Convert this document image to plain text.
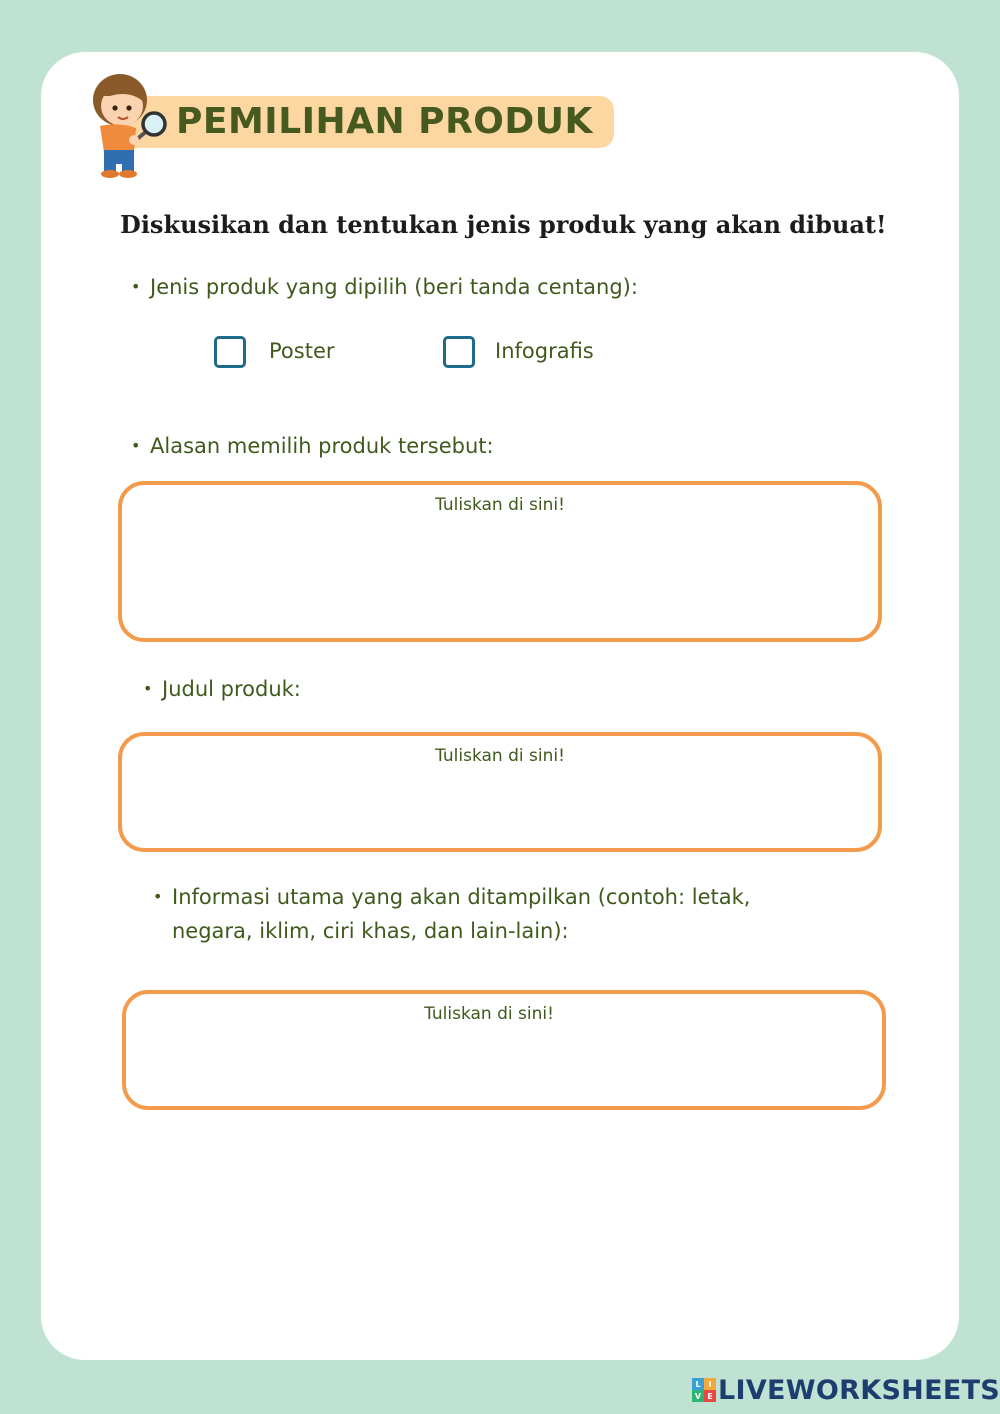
PEMILIHAN PRODUK
Diskusikan dan tentukan jenis produk yang akan dibuat!
• Jenis produk yang dipilih (beri tanda centang):
Poster	Infografis
• Alasan memilih produk tersebut:
Tuliskan di sini!
• Judul produk:
Tuliskan di sini!
• Informasi utama yang akan ditampilkan (contoh: letak,
negara, iklim, ciri khas, dan lain-lain):
Tuliskan di sini!
L I
V E LIVEWORKSHEETS
